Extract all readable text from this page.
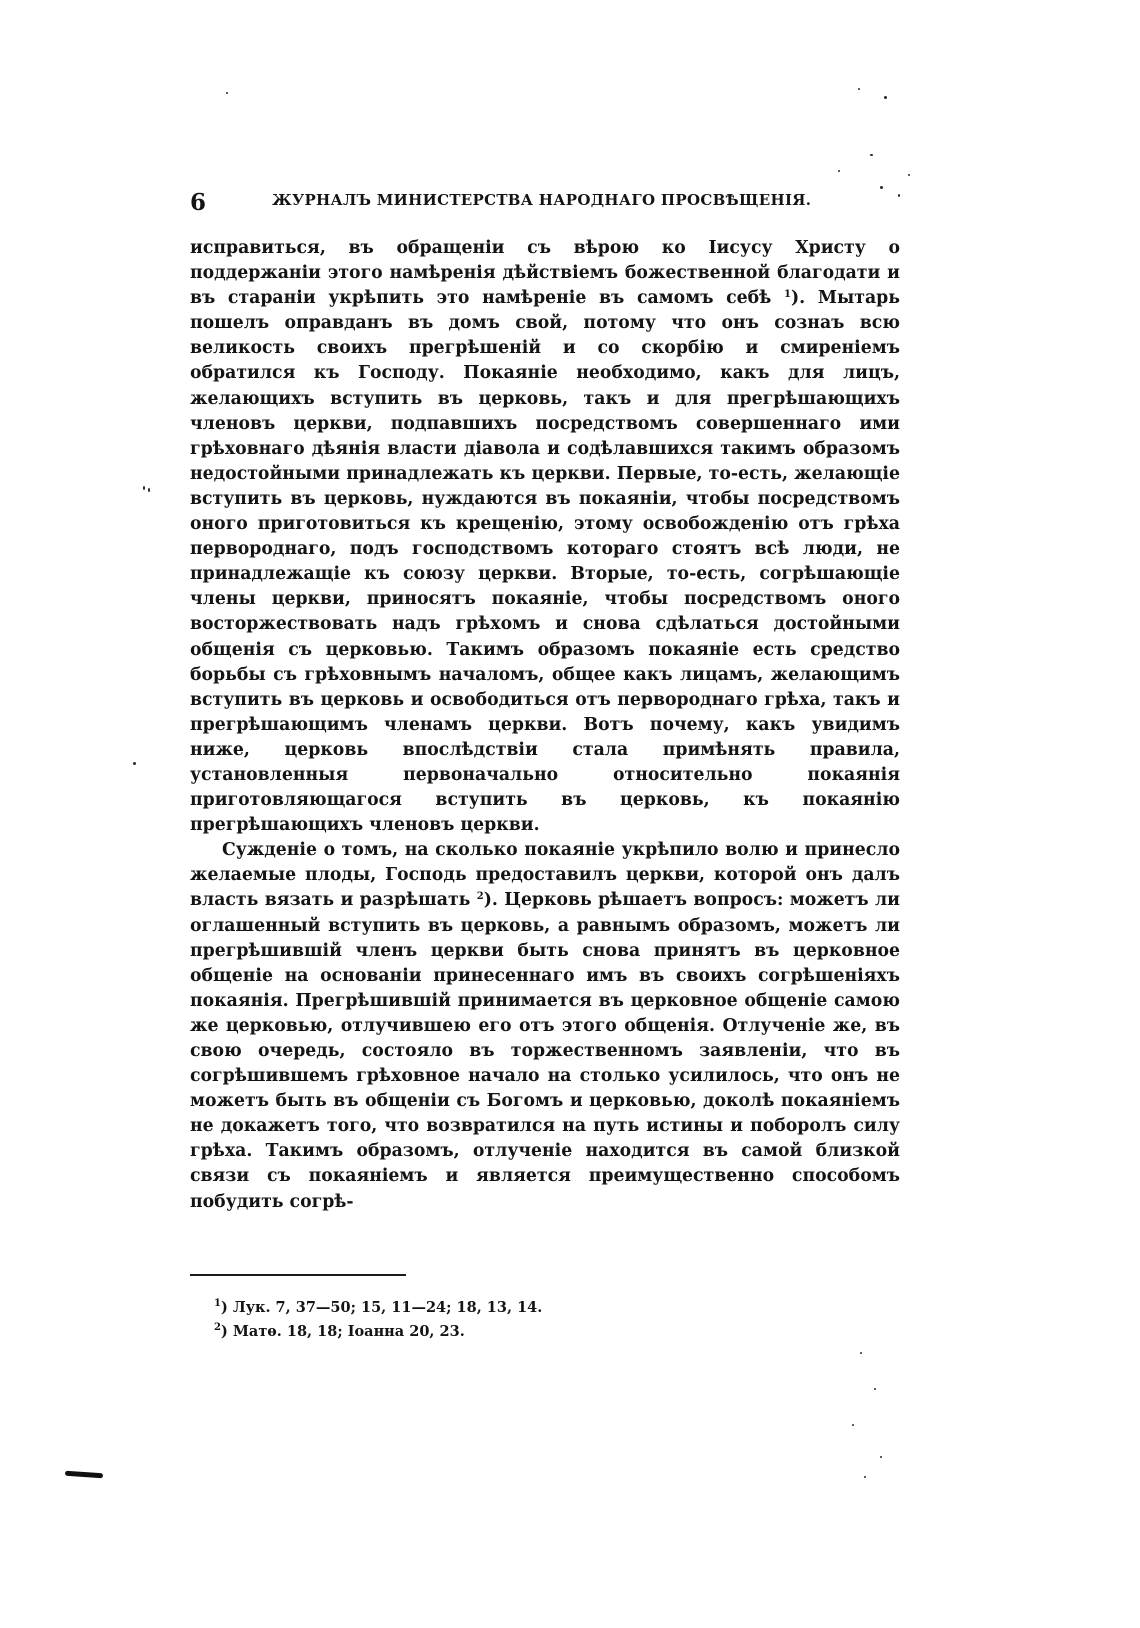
6	ЖУРНАЛЪ МИНИСТЕРСТВА НАРОДНАГО ПРОСВѢЩЕНІЯ.

исправиться, въ обращеніи съ вѣрою ко Іисусу Христу о поддержаніи этого намѣренія дѣйствіемъ божественной благодати и въ стараніи укрѣпить это намѣреніе въ самомъ себѣ $^1$). Мытарь пошелъ оправданъ въ домъ свой, потому что онъ сознаъ всю великость своихъ прегрѣшеній и со скорбію и смиреніемъ обратился къ Господу. Покаяніе необходимо, какъ для лицъ, желающихъ вступить въ церковь, такъ и для прегрѣшающихъ членовъ церкви, подпавшихъ посредствомъ совершеннаго ими грѣховнаго дѣянія власти діавола и содѣлавшихся такимъ образомъ недостойными принадлежать къ церкви. Первые, то-есть, желающіе вступить въ церковь, нуждаются въ покаяніи, чтобы посредствомъ оного приготовиться къ крещенію, этому освобожденію отъ грѣха первороднаго, подъ господствомъ котораго стоятъ всѣ люди, не принадлежащіе къ союзу церкви. Вторые, то-есть, согрѣшающіе члены церкви, приносятъ покаяніе, чтобы посредствомъ оного восторжествовать надъ грѣхомъ и снова сдѣлаться достойными общенія съ церковью. Такимъ образомъ покаяніе есть средство борьбы съ грѣховнымъ началомъ, общее какъ лицамъ, желающимъ вступить въ церковь и освободиться отъ первороднаго грѣха, такъ и прегрѣшающимъ членамъ церкви. Вотъ почему, какъ увидимъ ниже, церковь впослѣдствіи стала примѣнять правила, установленныя первоначально относительно покаянія приготовляющагося вступить въ церковь, къ покаянію прегрѣшающихъ членовъ церкви.
Сужденіе о томъ, на сколько покаяніе укрѣпило волю и принесло желаемые плоды, Господь предоставилъ церкви, которой онъ далъ власть вязать и разрѣшать $^2$). Церковь рѣшаетъ вопросъ: можетъ ли оглашенный вступить въ церковь, а равнымъ образомъ, можетъ ли прегрѣшившій членъ церкви быть снова принятъ въ церковное общеніе на основаніи принесеннаго имъ въ своихъ согрѣшеніяхъ покаянія. Прегрѣшившій принимается въ церковное общеніе самою же церковью, отлучившею его отъ этого общенія. Отлученіе же, въ свою очередь, состояло въ торжественномъ заявленіи, что въ согрѣшившемъ грѣховное начало на столько усилилось, что онъ не можетъ быть въ общеніи съ Богомъ и церковью, доколѣ покаяніемъ не докажетъ того, что возвратился на путь истины и поборолъ силу грѣха. Такимъ образомъ, отлученіе находится въ самой близкой связи съ покаяніемъ и является преимущественно способомъ побудить согрѣ-

$^1$) Лук. 7, 37—50; 15, 11—24; 18, 13, 14.

$^2$) Матѳ. 18, 18; Іоанна 20, 23.
